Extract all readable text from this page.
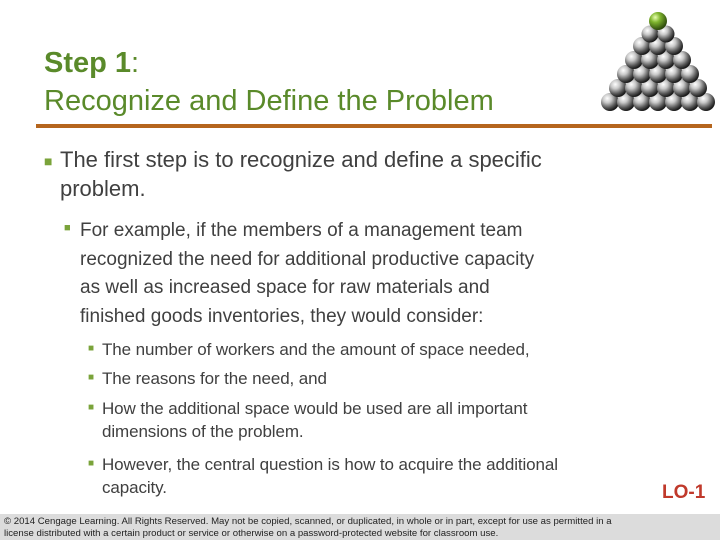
Step 1:
Recognize and Define the Problem
■ The first step is to recognize and define a specific
problem.
■ For example, if the members of a management team
recognized the need for additional productive capacity
as well as increased space for raw materials and
finished goods inventories, they would consider:
■ The number of workers and the amount of space needed,
■ The reasons for the need, and
■ How the additional space would be used are all important
dimensions of the problem.
■ However, the central question is how to acquire the additional
capacity.	LO-1
© 2014 Cengage Learning. All Rights Reserved. May not be copied, scanned, or duplicated, in whole or in part, except for use as permitted in a
license distributed with a certain product or service or otherwise on a password-protected website for classroom use.
